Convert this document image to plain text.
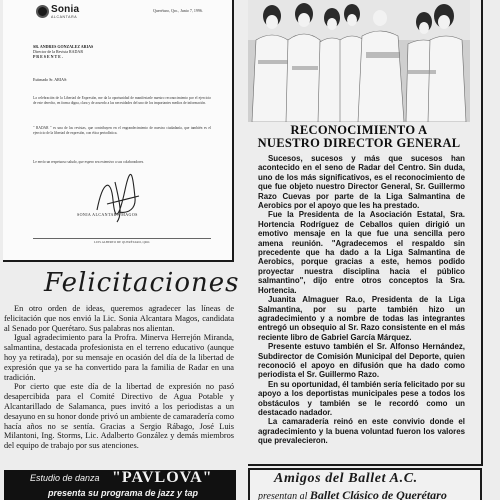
Sonia
ALCANTARA
Querétaro, Qro., Junio 7, 1996.
SR. ANDRES GONZALEZ ARIAS
Director de la Revista RADAR
P R E S E N T E .
Estimado Sr. ARIAS:
La celebración de la Libertad de Expresión, me da la oportunidad de manifestarle nuestro reconocimiento por el ejercicio de este derecho, en forma digna, clara y de acuerdo a las necesidades del uno de los importantes medios de información.
" RADAR " es una de las revistas, que contribuyen en el engrandecimiento de nuestra ciudadanía, que también es el ejercicio de la libertad de expresión, con ética periodística.
Le envío un respetuoso saludo, que espero sea extensivo a sus colaboradores.
SONIA ALCANTARA MAGOS
LUIS ALBERTO DE QUERÉTARO, QRO.
Felicitaciones

En otro orden de ideas, queremos agradecer las líneas de felicitación que nos envió la Lic. Sonia Alcantara Magos, candidata al Senado por Querétaro. Sus palabras nos alientan.

Igual agradecimiento para la Profra. Minerva Herrejón Miranda, salmantina, destacada profesionista en el terreno educativo (aunque hoy ya retirada), por su mensaje en ocasión del día de la libertad de expresión que ya se ha convertido para la familia de Radar en una tradición.

Por cierto que este día de la libertad de expresión no pasó desapercibida para el Comité Directivo de Agua Potable y Alcantarillado de Salamanca, pues invitó a los periodistas a un desayuno en su honor donde privó un ambiente de camaradería como hacía años no se sentía. Gracias a Sergio Rábago, José Luis Milantoni, Ing. Storms, Lic. Adalberto González y demás miembros del equipo de trabajo por sus atenciones.

Estudio de danza "PAVLOVA"
presenta su programa de jazz y tap
RECONOCIMIENTO A
NUESTRO DIRECTOR GENERAL

Sucesos, sucesos y más que sucesos han acontecido en el seno de Radar del Centro. Sin duda, uno de los más significativos, es el reconocimiento de que fue objeto nuestro Director General, Sr. Guillermo Razo Cuevas por parte de la Liga Salmantina de Aerobics por el apoyo que les ha prestado.

Fue la Presidenta de la Asociación Estatal, Sra. Hortencia Rodríguez de Ceballos quien dirigió un emotivo mensaje en la que fue una sencilla pero amena reunión. "Agradecemos el respaldo sin precedente que ha dado a la Liga Salmantina de Aerobics, porque gracias a este, hemos podido proyectar nuestra disciplina hacia el público salmantino", dijo entre otros conceptos la Sra. Hortencia.

Juanita Almaguer Ra.o, Presidenta de la Liga Salmantina, por su parte también hizo un agradecimiento y a nombre de todas las integrantes entregó un obsequio al Sr. Razo consistente en el más reciente libro de Gabriel García Márquez.

Presente estuvo también el Sr. Alfonso Hernández, Subdirector de Comisión Municipal del Deporte, quien reconoció el apoyo en difusión que ha dado como periodista el Sr. Guillermo Razo.

En su oportunidad, él también sería felicitado por su apoyo a los deportistas municipales pese a todos los obstáculos y también se le recordó como un destacado nadador.

La camaradería reinó en este convivio donde el agradecimiento y la buena voluntad fueron los valores que prevalecieron.

Amigos del Ballet A.C.
presentan al Ballet Clásico de Querétaro
